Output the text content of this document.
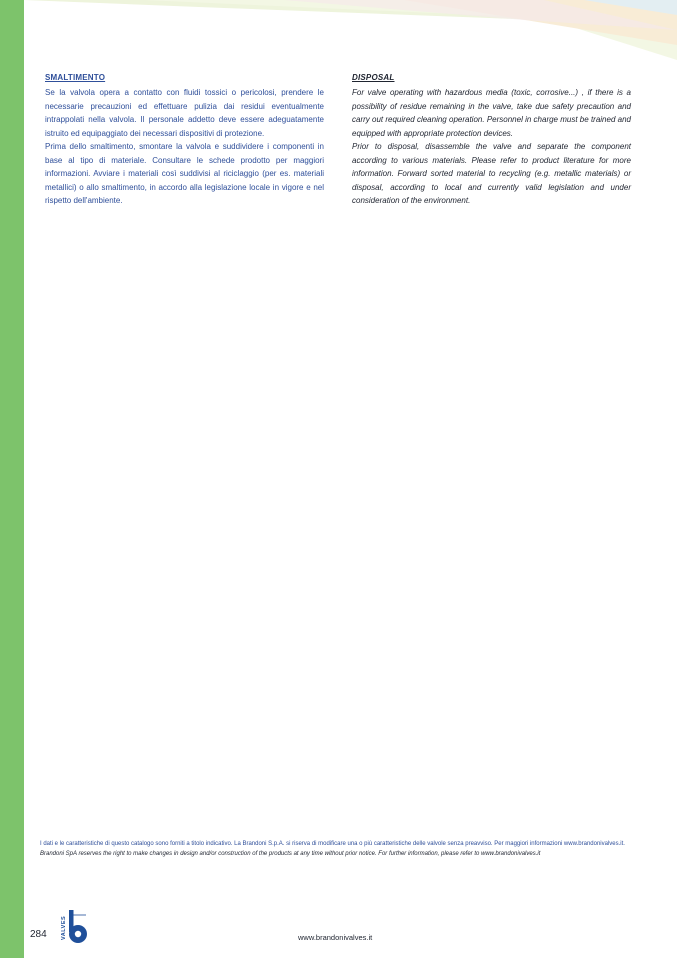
SMALTIMENTO

Se la valvola opera a contatto con fluidi tossici o pericolosi, prendere le necessarie precauzioni ed effettuare pulizia dai residui eventualmente intrappolati nella valvola. Il personale addetto deve essere adeguatamente istruito ed equipaggiato dei necessari dispositivi di protezione.

Prima dello smaltimento, smontare la valvola e suddividere i componenti in base al tipo di materiale. Consultare le schede prodotto per maggiori informazioni. Avviare i materiali così suddivisi al riciclaggio (per es. materiali metallici) o allo smaltimento, in accordo alla legislazione locale in vigore e nel rispetto dell'ambiente.

DISPOSAL

For valve operating with hazardous media (toxic, corrosive...) , if there is a possibility of residue remaining in the valve, take due safety precaution and carry out required cleaning operation. Personnel in charge must be trained and equipped with appropriate protection devices.

Prior to disposal, disassemble the valve and separate the component according to various materials. Please refer to product literature for more information. Forward sorted material to recycling (e.g. metallic materials) or disposal, according to local and currently valid legislation and under consideration of the environment.

I dati e le caratteristiche di questo catalogo sono forniti a titolo indicativo. La Brandoni S.p.A. si riserva di modificare una o più caratteristiche delle valvole senza preavviso. Per maggiori informazioni www.brandonivalves.it.
Brandoni SpA reserves the right to make changes in design and/or construction of the products at any time without prior notice. For further information, please refer to www.brandonivalves.it
284	VALVES	www.brandonivalves.it
